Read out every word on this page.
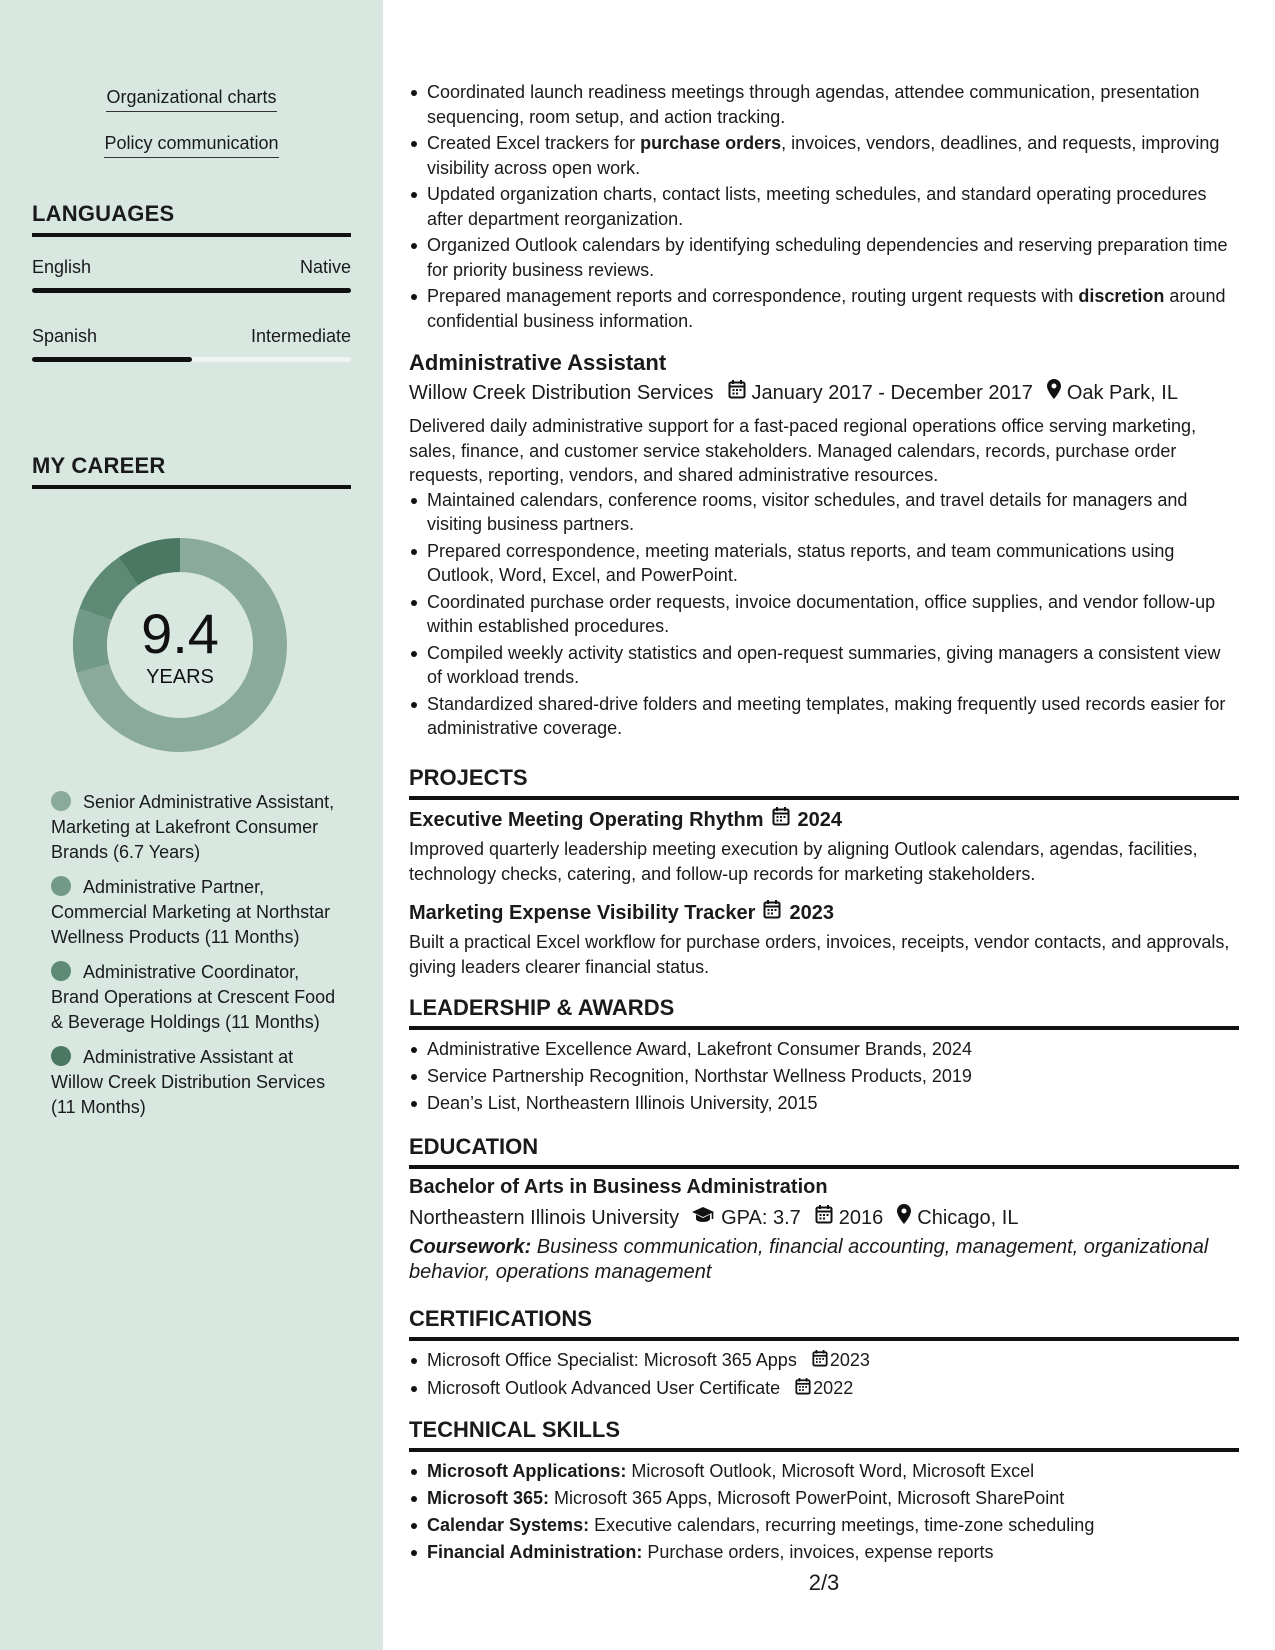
Organizational charts
Policy communication
LANGUAGES
English	Native
Spanish	Intermediate
MY CAREER
9.4
YEARS
Senior Administrative Assistant, Marketing at Lakefront Consumer Brands (6.7 Years)
Administrative Partner, Commercial Marketing at Northstar Wellness Products (11 Months)
Administrative Coordinator, Brand Operations at Crescent Food & Beverage Holdings (11 Months)
Administrative Assistant at Willow Creek Distribution Services (11 Months)
Coordinated launch readiness meetings through agendas, attendee communication, presentation sequencing, room setup, and action tracking.
Created Excel trackers for purchase orders, invoices, vendors, deadlines, and requests, improving visibility across open work.
Updated organization charts, contact lists, meeting schedules, and standard operating procedures after department reorganization.
Organized Outlook calendars by identifying scheduling dependencies and reserving preparation time for priority business reviews.
Prepared management reports and correspondence, routing urgent requests with discretion around confidential business information.
Administrative Assistant
Willow Creek Distribution Services January 2017 - December 2017 Oak Park, IL
Delivered daily administrative support for a fast-paced regional operations office serving marketing, sales, finance, and customer service stakeholders. Managed calendars, records, purchase order requests, reporting, vendors, and shared administrative resources.
Maintained calendars, conference rooms, visitor schedules, and travel details for managers and visiting business partners.
Prepared correspondence, meeting materials, status reports, and team communications using Outlook, Word, Excel, and PowerPoint.
Coordinated purchase order requests, invoice documentation, office supplies, and vendor follow-up within established procedures.
Compiled weekly activity statistics and open-request summaries, giving managers a consistent view of workload trends.
Standardized shared-drive folders and meeting templates, making frequently used records easier for administrative coverage.
PROJECTS
Executive Meeting Operating Rhythm 2024
Improved quarterly leadership meeting execution by aligning Outlook calendars, agendas, facilities, technology checks, catering, and follow-up records for marketing stakeholders.
Marketing Expense Visibility Tracker 2023
Built a practical Excel workflow for purchase orders, invoices, receipts, vendor contacts, and approvals, giving leaders clearer financial status.
LEADERSHIP & AWARDS
Administrative Excellence Award, Lakefront Consumer Brands, 2024
Service Partnership Recognition, Northstar Wellness Products, 2019
Dean’s List, Northeastern Illinois University, 2015
EDUCATION
Bachelor of Arts in Business Administration
Northeastern Illinois University GPA: 3.7 2016 Chicago, IL
Coursework: Business communication, financial accounting, management, organizational behavior, operations management
CERTIFICATIONS
Microsoft Office Specialist: Microsoft 365 Apps 2023
Microsoft Outlook Advanced User Certificate 2022
TECHNICAL SKILLS
Microsoft Applications: Microsoft Outlook, Microsoft Word, Microsoft Excel
Microsoft 365: Microsoft 365 Apps, Microsoft PowerPoint, Microsoft SharePoint
Calendar Systems: Executive calendars, recurring meetings, time-zone scheduling
Financial Administration: Purchase orders, invoices, expense reports
2/3
